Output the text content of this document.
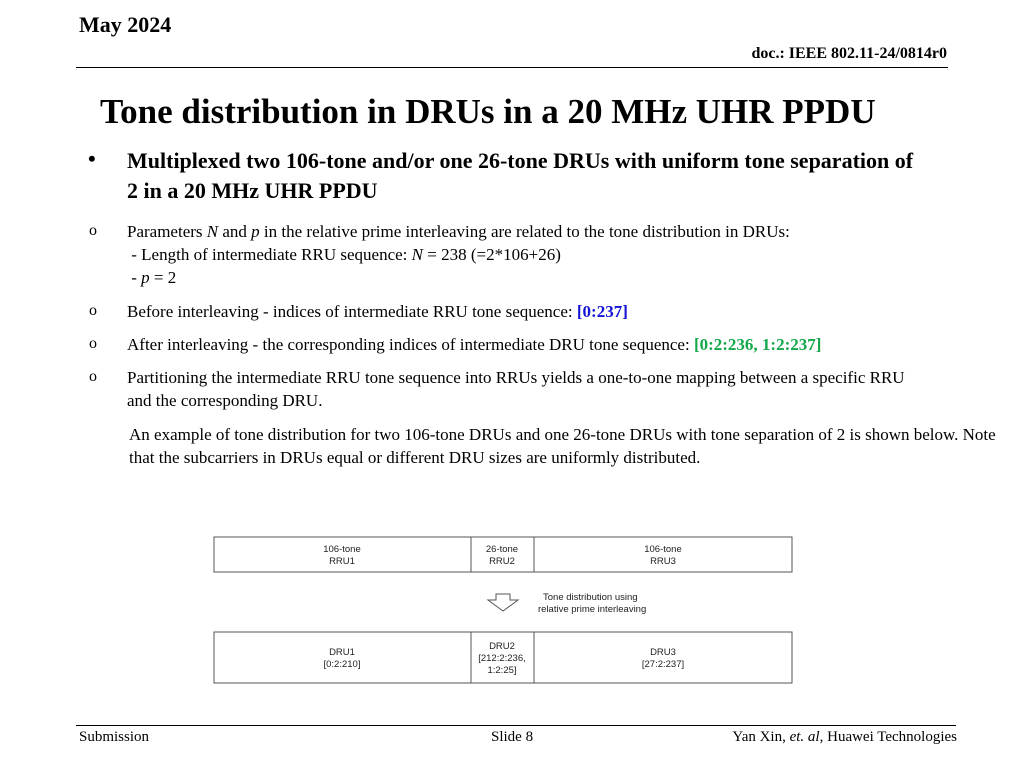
May 2024
doc.: IEEE 802.11-24/0814r0
Tone distribution in DRUs in a 20 MHz UHR PPDU
• Multiplexed two 106-tone and/or one 26-tone DRUs with uniform tone separation of 2 in a 20 MHz UHR PPDU
o Parameters N and p in the relative prime interleaving are related to the tone distribution in DRUs:
- Length of intermediate RRU sequence: N = 238 (=2*106+26)
- p = 2
o Before interleaving - indices of intermediate RRU tone sequence: [0:237]
o After interleaving - the corresponding indices of intermediate DRU tone sequence: [0:2:236, 1:2:237]
o Partitioning the intermediate RRU tone sequence into RRUs yields a one-to-one mapping between a specific RRU and the corresponding DRU.
An example of tone distribution for two 106-tone DRUs and one 26-tone DRUs with tone separation of 2 is shown below. Note that the subcarriers in DRUs equal or different DRU sizes are uniformly distributed.
106-tone
RRU1
26-tone
RRU2
106-tone
RRU3
Tone distribution using
relative prime interleaving
DRU1
[0:2:210]
DRU2
[212:2:236,
1:2:25]
DRU3
[27:2:237]
Submission	Slide 8	Yan Xin, et. al, Huawei Technologies
